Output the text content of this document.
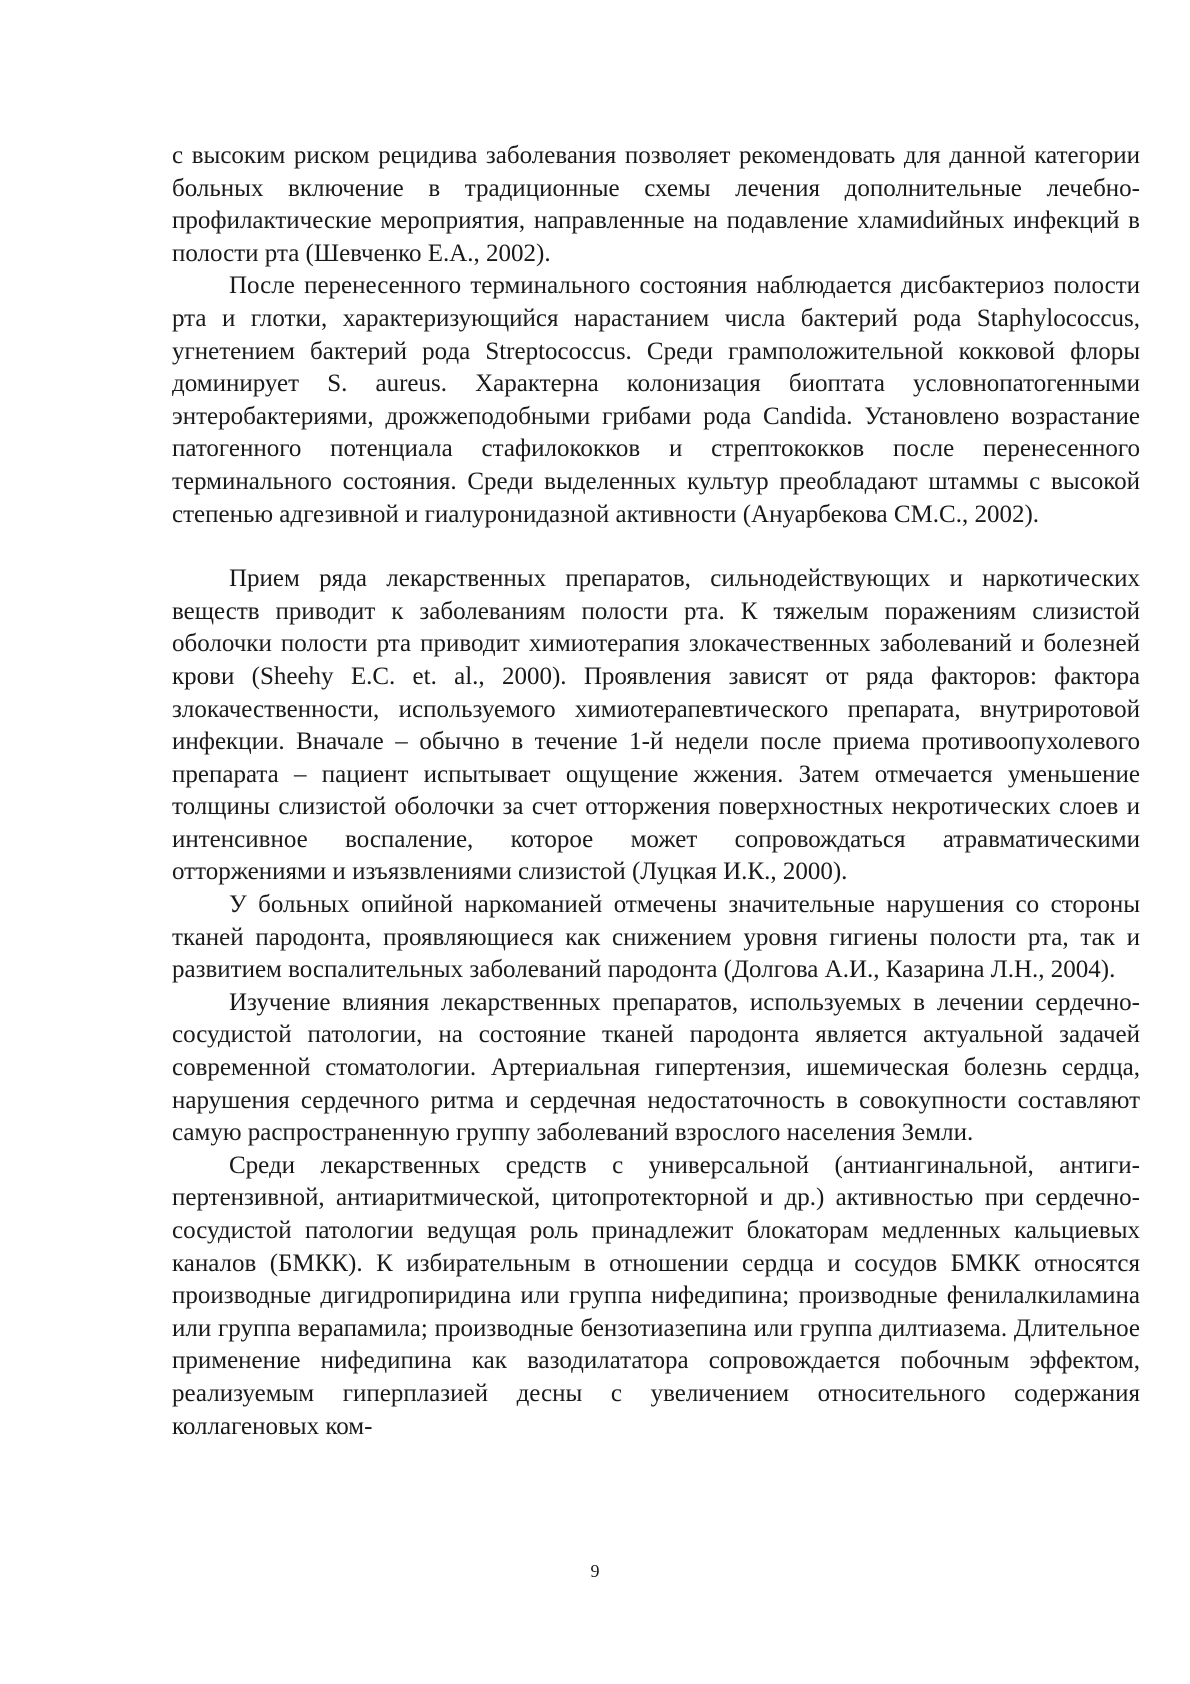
с высоким риском рецидива заболевания позволяет рекомендовать для данной категории больных включение в традиционные схемы лечения дополнительные лечебно-профилактические мероприятия, направленные на подавление хламиdийных инфекций в полости рта (Шевченко Е.А., 2002).

После перенесенного терминального состояния наблюдается дисбактериоз полости рта и глотки, характеризующийся нарастанием числа бактерий рода Staphylococcus, угнетением бактерий рода Streptococcus. Среди грамположительной кокковой флоры доминирует S. aureus. Характерна колонизация биоптата условнопатогенными энтеробактериями, дрожжеподобными грибами рода Candida. Установлено возрастание патогенного потенциала стафилококков и стрептококков после перенесенного терминального состояния. Среди выделенных культур преобладают штаммы с высокой степенью адгезивной и гиалуронидазной активности (Ануарбекова СМ.С., 2002).

Прием ряда лекарственных препаратов, сильнодействующих и наркотических веществ приводит к заболеваниям полости рта. К тяжелым поражениям слизистой оболочки полости рта приводит химиотерапия злокачественных заболеваний и болезней крови (Sheehy E.C. et. al., 2000). Проявления зависят от ряда факторов: фактора злокачественности, используемого химиотерапевтического препарата, внутриротовой инфекции. Вначале – обычно в течение 1-й недели после приема противоопухолевого препарата – пациент испытывает ощущение жжения. Затем отмечается уменьшение толщины слизистой оболочки за счет отторжения поверхностных некротических слоев и интенсивное воспаление, которое может сопровождаться атравматическими отторжениями и изъязвлениями слизистой (Луцкая И.К., 2000).

У больных опийной наркоманией отмечены значительные нарушения со стороны тканей пародонта, проявляющиеся как снижением уровня гигиены полости рта, так и развитием воспалительных заболеваний пародонта (Долгова А.И., Казарина Л.Н., 2004).

Изучение влияния лекарственных препаратов, используемых в лечении сердечно-сосудистой патологии, на состояние тканей пародонта является актуальной задачей современной стоматологии. Артериальная гипертензия, ишемическая болезнь сердца, нарушения сердечного ритма и сердечная недостаточность в совокупности составляют самую распространенную группу заболеваний взрослого населения Земли.

Среди лекарственных средств с универсальной (антиангинальной, антигипертензивной, антиаритмической, цитопротекторной и др.) активностью при сердечно-сосудистой патологии ведущая роль принадлежит блокаторам медленных кальциевых каналов (БМКК). К избирательным в отношении сердца и сосудов БМКК относятся производные дигидропиридина или группа нифедипина; производные фенилалкиламина или группа верапамила; производные бензотиазепина или группа дилтиазема. Длительное применение нифедипина как вазодилататора сопровождается побочным эффектом, реализуемым гиперплазией десны с увеличением относительного содержания коллагеновых ком-

9
